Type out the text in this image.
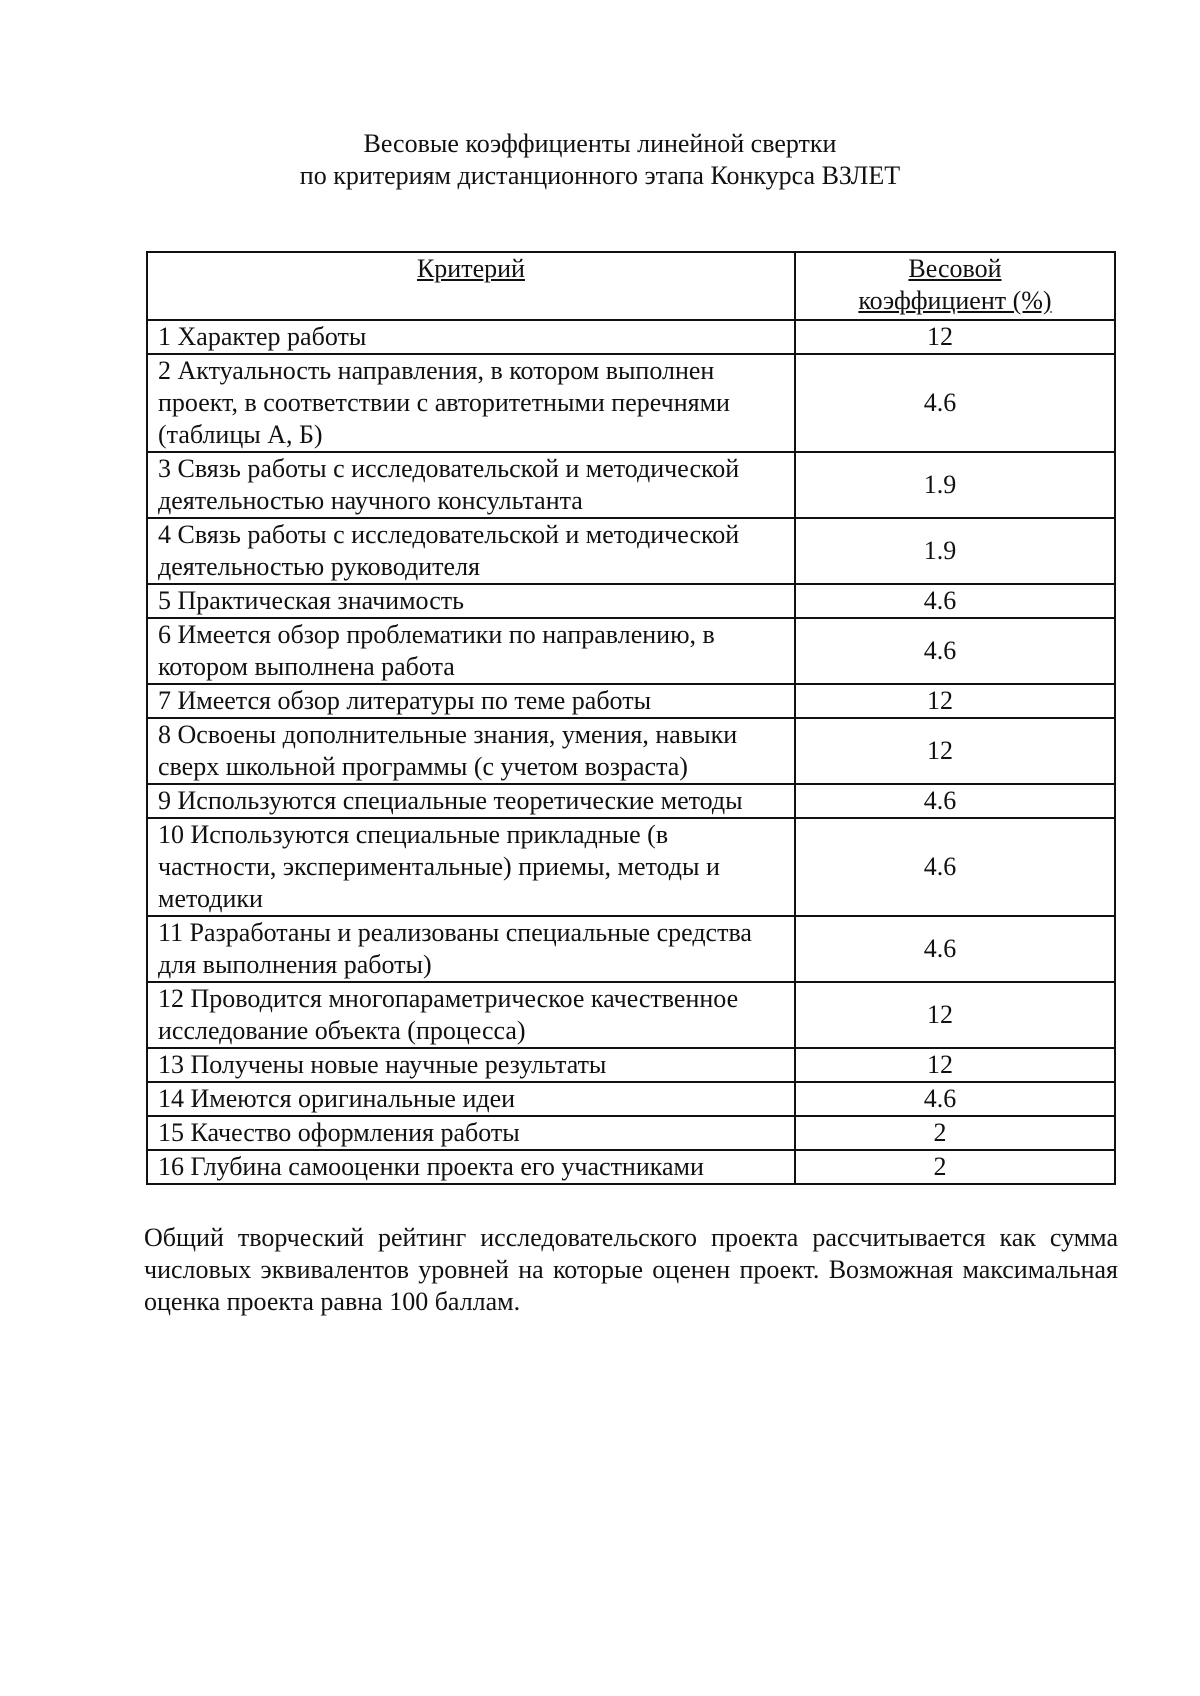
Весовые коэффициенты линейной свертки
по критериям дистанционного этапа Конкурса ВЗЛЕТ
Критерий	Весовой
коэффициент (%)
1 Характер работы	12
2 Актуальность направления, в котором выполнен проект, в соответствии с авторитетными перечнями (таблицы А, Б)	4.6
3 Связь работы с исследовательской и методической деятельностью научного консультанта	1.9
4 Связь работы с исследовательской и методической деятельностью руководителя	1.9
5 Практическая значимость	4.6
6 Имеется обзор проблематики по направлению, в котором выполнена работа	4.6
7 Имеется обзор литературы по теме работы	12
8 Освоены дополнительные знания, умения, навыки сверх школьной программы (с учетом возраста)	12
9 Используются специальные теоретические методы	4.6
10 Используются специальные прикладные (в частности, экспериментальные) приемы, методы и методики	4.6
11 Разработаны и реализованы специальные средства для выполнения работы)	4.6
12 Проводится многопараметрическое качественное исследование объекта (процесса)	12
13 Получены новые научные результаты	12
14 Имеются оригинальные идеи	4.6
15 Качество оформления работы	2
16 Глубина самооценки проекта его участниками	2
Общий творческий рейтинг исследовательского проекта рассчитывается как сумма числовых эквивалентов уровней на которые оценен проект. Возможная максимальная оценка проекта равна 100 баллам.
